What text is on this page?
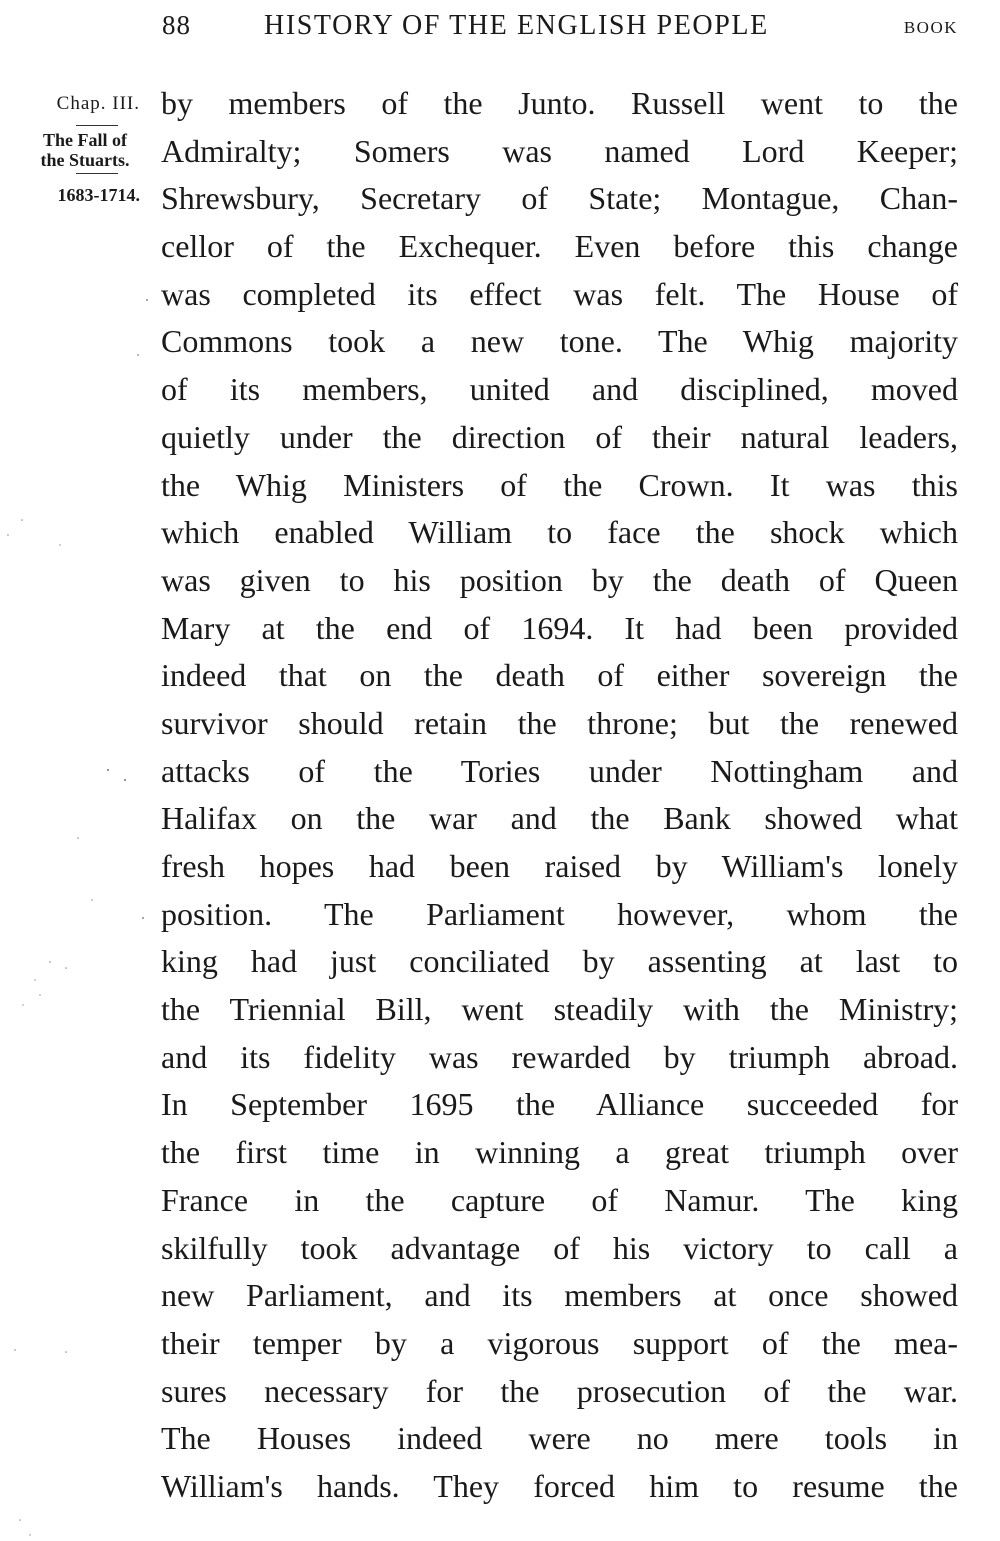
88	HISTORY OF THE ENGLISH PEOPLE	BOOK
Chap. III.
The Fall of the Stuarts.
1683-1714.
by members of the Junto. Russell went to the
Admiralty; Somers was named Lord Keeper;
Shrewsbury, Secretary of State; Montague, Chan-
cellor of the Exchequer. Even before this change
was completed its effect was felt. The House of
Commons took a new tone. The Whig majority
of its members, united and disciplined, moved
quietly under the direction of their natural leaders,
the Whig Ministers of the Crown. It was this
which enabled William to face the shock which
was given to his position by the death of Queen
Mary at the end of 1694. It had been provided
indeed that on the death of either sovereign the
survivor should retain the throne; but the renewed
attacks of the Tories under Nottingham and
Halifax on the war and the Bank showed what
fresh hopes had been raised by William's lonely
position. The Parliament however, whom the
king had just conciliated by assenting at last to
the Triennial Bill, went steadily with the Ministry;
and its fidelity was rewarded by triumph abroad.
In September 1695 the Alliance succeeded for
the first time in winning a great triumph over
France in the capture of Namur. The king
skilfully took advantage of his victory to call a
new Parliament, and its members at once showed
their temper by a vigorous support of the mea-
sures necessary for the prosecution of the war.
The Houses indeed were no mere tools in
William's hands. They forced him to resume the
